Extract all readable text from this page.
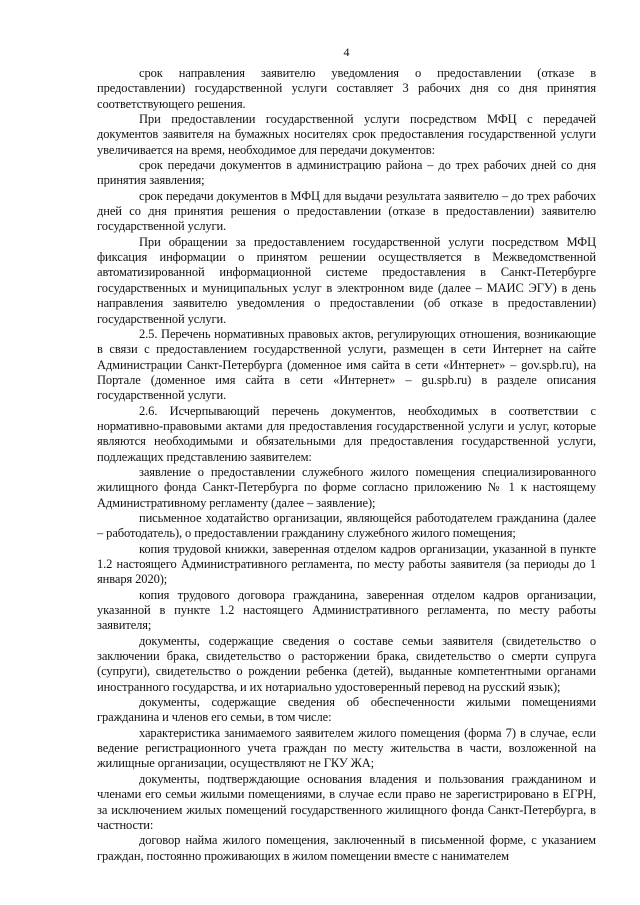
4

срок направления заявителю уведомления о предоставлении (отказе в предоставлении) государственной услуги составляет 3 рабочих дня со дня принятия соответствующего решения.

При предоставлении государственной услуги посредством МФЦ с передачей документов заявителя на бумажных носителях срок предоставления государственной услуги увеличивается на время, необходимое для передачи документов:

срок передачи документов в администрацию района – до трех рабочих дней со дня принятия заявления;

срок передачи документов в МФЦ для выдачи результата заявителю – до трех рабочих дней со дня принятия решения о предоставлении (отказе в предоставлении) заявителю государственной услуги.

При обращении за предоставлением государственной услуги посредством МФЦ фиксация информации о принятом решении осуществляется в Межведомственной автоматизированной информационной системе предоставления в Санкт-Петербурге государственных и муниципальных услуг в электронном виде (далее – МАИС ЭГУ) в день направления заявителю уведомления о предоставлении (об отказе в предоставлении) государственной услуги.

2.5. Перечень нормативных правовых актов, регулирующих отношения, возникающие в связи с предоставлением государственной услуги, размещен в сети Интернет на сайте Администрации Санкт-Петербурга (доменное имя сайта в сети «Интернет» – gov.spb.ru), на Портале (доменное имя сайта в сети «Интернет» – gu.spb.ru) в разделе описания государственной услуги.

2.6. Исчерпывающий перечень документов, необходимых в соответствии с нормативно-правовыми актами для предоставления государственной услуги и услуг, которые являются необходимыми и обязательными для предоставления государственной услуги, подлежащих представлению заявителем:

заявление о предоставлении служебного жилого помещения специализированного жилищного фонда Санкт-Петербурга по форме согласно приложению № 1 к настоящему Административному регламенту (далее – заявление);

письменное ходатайство организации, являющейся работодателем гражданина (далее – работодатель), о предоставлении гражданину служебного жилого помещения;

копия трудовой книжки, заверенная отделом кадров организации, указанной в пункте 1.2 настоящего Административного регламента, по месту работы заявителя (за периоды до 1 января 2020);

копия трудового договора гражданина, заверенная отделом кадров организации, указанной в пункте 1.2 настоящего Административного регламента, по месту работы заявителя;

документы, содержащие сведения о составе семьи заявителя (свидетельство о заключении брака, свидетельство о расторжении брака, свидетельство о смерти супруга (супруги), свидетельство о рождении ребенка (детей), выданные компетентными органами иностранного государства, и их нотариально удостоверенный перевод на русский язык);

документы, содержащие сведения об обеспеченности жилыми помещениями гражданина и членов его семьи, в том числе:

характеристика занимаемого заявителем жилого помещения (форма 7) в случае, если ведение регистрационного учета граждан по месту жительства в части, возложенной на жилищные организации, осуществляют не ГКУ ЖА;

документы, подтверждающие основания владения и пользования гражданином и членами его семьи жилыми помещениями, в случае если право не зарегистрировано в ЕГРН, за исключением жилых помещений государственного жилищного фонда Санкт-Петербурга, в частности:

договор найма жилого помещения, заключенный в письменной форме, с указанием граждан, постоянно проживающих в жилом помещении вместе с нанимателем
